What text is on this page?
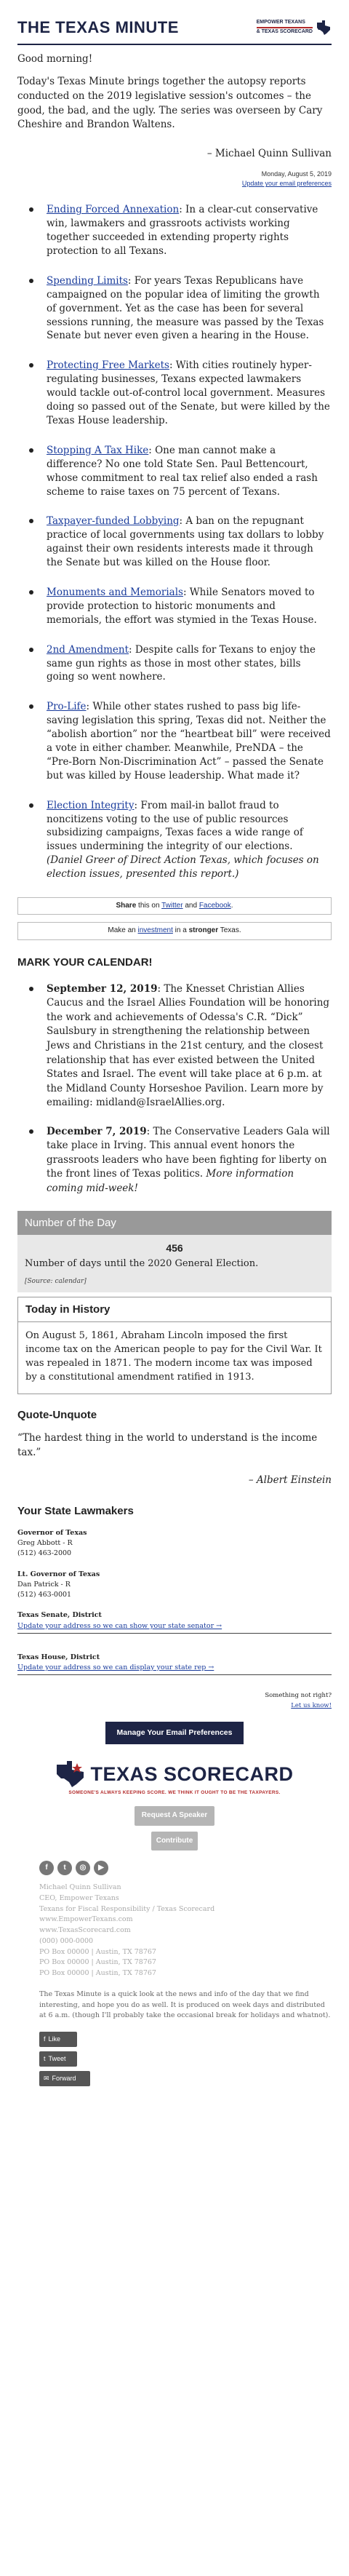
THE TEXAS MINUTE	EMPOWER TEXANS
& TEXAS SCORECARD

Good morning!

Today's Texas Minute brings together the autopsy reports conducted on the 2019 legislative session's outcomes – the good, the bad, and the ugly. The series was overseen by Cary Cheshire and Brandon Waltens.

– Michael Quinn Sullivan

Monday, August 5, 2019
Update your email preferences
Ending Forced Annexation: In a clear-cut conservative win, lawmakers and grassroots activists working together succeeded in extending property rights protection to all Texans.
Spending Limits: For years Texas Republicans have campaigned on the popular idea of limiting the growth of government. Yet as the case has been for several sessions running, the measure was passed by the Texas Senate but never even given a hearing in the House.
Protecting Free Markets: With cities routinely hyper-regulating businesses, Texans expected lawmakers would tackle out-of-control local government. Measures doing so passed out of the Senate, but were killed by the Texas House leadership.
Stopping A Tax Hike: One man cannot make a difference? No one told State Sen. Paul Bettencourt, whose commitment to real tax relief also ended a rash scheme to raise taxes on 75 percent of Texans.
Taxpayer-funded Lobbying: A ban on the repugnant practice of local governments using tax dollars to lobby against their own residents interests made it through the Senate but was killed on the House floor.
Monuments and Memorials: While Senators moved to provide protection to historic monuments and memorials, the effort was stymied in the Texas House.
2nd Amendment: Despite calls for Texans to enjoy the same gun rights as those in most other states, bills going so went nowhere.
Pro-Life: While other states rushed to pass big life-saving legislation this spring, Texas did not. Neither the “abolish abortion” nor the “heartbeat bill” were received a vote in either chamber. Meanwhile, PreNDA – the “Pre-Born Non-Discrimination Act” – passed the Senate but was killed by House leadership. What made it?
Election Integrity: From mail-in ballot fraud to noncitizens voting to the use of public resources subsidizing campaigns, Texas faces a wide range of issues undermining the integrity of our elections. (Daniel Greer of Direct Action Texas, which focuses on election issues, presented this report.)
Share this on Twitter and Facebook.
Make an investment in a stronger Texas.
MARK YOUR CALENDAR!
September 12, 2019: The Knesset Christian Allies Caucus and the Israel Allies Foundation will be honoring the work and achievements of Odessa's C.R. “Dick” Saulsbury in strengthening the relationship between Jews and Christians in the 21st century, and the closest relationship that has ever existed between the United States and Israel. The event will take place at 6 p.m. at the Midland County Horseshoe Pavilion. Learn more by emailing: midland@IsraelAllies.org.
December 7, 2019: The Conservative Leaders Gala will take place in Irving. This annual event honors the grassroots leaders who have been fighting for liberty on the front lines of Texas politics. More information coming mid-week!
Number of the Day
456
Number of days until the 2020 General Election.
[Source: calendar]
Today in History
On August 5, 1861, Abraham Lincoln imposed the first income tax on the American people to pay for the Civil War. It was repealed in 1871. The modern income tax was imposed by a constitutional amendment ratified in 1913.
Quote-Unquote

“The hardest thing in the world to understand is the income tax.”

– Albert Einstein

Your State Lawmakers
Governor of Texas
Greg Abbott - R
(512) 463-2000
Lt. Governor of Texas
Dan Patrick - R
(512) 463-0001
Texas Senate, District
Update your address so we can show your state senator →
Texas House, District
Update your address so we can display your state rep →
Something not right?
Let us know!
Manage Your Email Preferences
TEXAS SCORECARD
SOMEONE'S ALWAYS KEEPING SCORE. WE THINK IT OUGHT TO BE THE TAXPAYERS.
Request A Speaker
Contribute
f	t	◎	▶
Michael Quinn Sullivan
CEO, Empower Texans
Texans for Fiscal Responsibility / Texas Scorecard
www.EmpowerTexans.com
www.TexasScorecard.com
(000) 000-0000
PO Box 00000 | Austin, TX 78767
PO Box 00000 | Austin, TX 78767
PO Box 00000 | Austin, TX 78767
The Texas Minute is a quick look at the news and info of the day that we find interesting, and hope you do as well. It is produced on week days and distributed at 6 a.m. (though I'll probably take the occasional break for holidays and whatnot).
f Like
t Tweet
✉ Forward
